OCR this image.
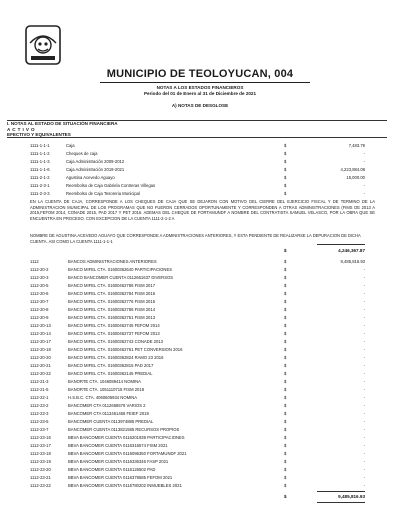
MUNICIPIO DE TEOLOYUCAN, 004
NOTAS A LOS ESTADOS FINANCIEROS
Periodo del 01 de Enero al 31 de Diciembre de 2021
A) NOTAS DE DESGLOSE
I. NOTAS AL ESTADO DE SITUACIÓN FINANCIERA
A C T I V O
EFECTIVO Y EQUIVALENTES
1111-1-1-1	Caja	$	7,483.79
1111-1-1-2	Cheques de caja	$	-
1111-1-1-3	Caja Administración 2009-2012	$	-
1111-1-1-6	Caja Administración 2019-2021	$	4,223,884.08
1111-2-1-2	Agustina Acevedo Aguayo	$	15,000.00
1111-2-3-1	Reembolso de Caja Gabriela Contreras Villegas	$	-
1111-2-3-3	Reembolso de Caja Tesoreria Municipal	$	-
EN LA CUENTA DE CAJA, CORRESPONDE A LOS CHEQUES DE CAJA QUE SE DEJARON CON MOTIVO DEL CIERRE DEL EJERCICIO FISCAL Y DE TERMINO DE LA ADMINISTRACION MUNICIPAL DE LOS PROGRAMAS QUE NO FUERON CERRADOS OPORTUNAMENTE Y CORRESPONDEN A OTRAS ADMINISTRACIONES (FIMS DE 2013 A 2015,FEFOM 2014, CONADE 2015, PAD 2017 Y PET 2016. ADEMAS DEL CHEQUE DE FORTAMUNDF A NOMBRE DEL CONTRATISTA SAMUEL VELASCO, POR LA OBRA QUE SE ENCUENTRA EN PROCESO. CON EXCEPCION DE LA CUENTA 1111-2-1-2 A
NOMBRE DE AGUSTINA ACEVEDO AGUAYO QUE CORRESPONDE A ADMINISTRACIONES ANTERIORES, Y ESTA PENDIENTE DE REALIZARSE LA DEPURACION DE DICHA CUENTA. ASI COMO LA CUENTA 1111-1-1-1
$	4,246,367.87
1112	BANCOS ADMINISTRACIONES ANTERIORES	$	9,485,816.93
1112-20-2	BANCO MIFEL CTA. 01600362640 PARTICIPACIONES	$	-
1112-20-3	BANCO BANCOMER CUENTA 0112661637 DIVERSOS	$	-
1112-20-5	BANCO MIFEL CTA. 01600462786 FISM 2017	$	-
1112-20-6	BANCO MIFEL CTA. 01600362784 FISM 2016	$	-
1112-20-7	BANCO MIFEL CTA. 01600362776 FISM 2015	$	-
1112-20-8	BANCO MIFEL CTA. 01600362786 FISM 2014	$	-
1112-20-9	BANCO MIFEL CTA. 01600362751 FISM 2013	$	-
1112-20-13	BANCO MIFEL CTA. 01600462745 FEFOM 2014	$	-
1112-20-14	BANCO MIFEL CTA. 01600462737 FEFOM 2013	$	-
1112-20-17	BANCO MIFEL CTA. 01600362743 CONADE 2013	$	-
1112-20-18	BANCO MIFEL CTA. 01600462761 PET CONVERSION 2016	$	-
1112-20-20	BANCO MIFEL CTA. 01600362824 RAMO 23 2016	$	-
1112-20-21	BANCO MIFEL CTA. 01600362815 PAD 2017	$	-
1112-20-22	BANCO MIFEL CTA. 01600362145 PREDIAL	$	-
1112-21-3	BANORTE CTA. 1046089414 NOMINA	$	-
1112-21-5	BANORTE CTA. 1051110715 FISM 2018	$	-
1112-22-1	H.S.B.C. CTA. 4060605934 NOMINA	$	-
1112-23-2	BANCOMER CTA 0112668576 VARIOS 2	$	-
1112-23-3	BANCOMER CTA 0113461468 FEIEF 2019	$	-
1112-23-5	BANCOMER CUENTA 0113974885 PREDIAL	$	-
1112-23-7	BANCOMER CUENTA 0113821585 RECURSOS PROPIOS	$	-
1112-23-16	BBVA BANCOMER CUENTA 0116201939 PARTICIPACIONES	$	-
1112-23-17	BBVA BANCOMER CUENTA 0116316574 FISM 2021	$	-
1112-23-18	BBVA BANCOMER CUENTA 0116096350 FORTAMUNDF 2021	$	-
1112-23-19	BBVA BANCOMER CUENTA 0116336346 FASP 2021	$	-
1112-23-20	BBVA BANCOMER CUENTA 0116126502 PAD	$	-
1112-23-21	BBVA BANCOMER CUENTA 0116378585 FEFOM 2021	$	-
1112-23-22	BBVA BANCOMER CUENTA 0116780202 INMUEBLES 2021	$	-
$	9,485,816.93
